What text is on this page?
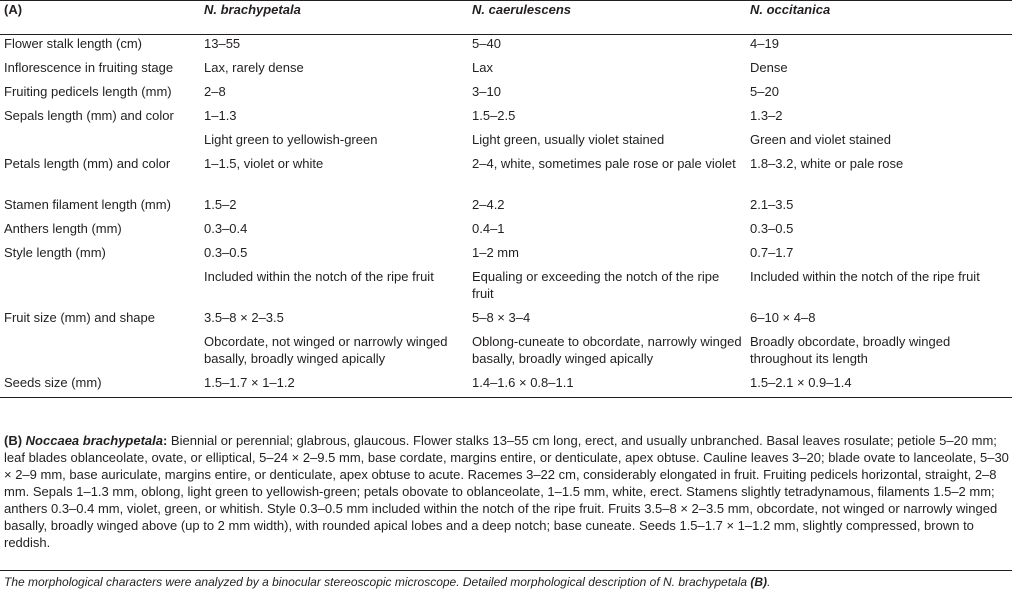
(A)	N. brachypetala	N. caerulescens	N. occitanica
Flower stalk length (cm)	13–55	5–40	4–19
Inflorescence in fruiting stage	Lax, rarely dense	Lax	Dense
Fruiting pedicels length (mm)	2–8	3–10	5–20
Sepals length (mm) and color	1–1.3	1.5–2.5	1.3–2
	Light green to yellowish-green	Light green, usually violet stained	Green and violet stained
Petals length (mm) and color	1–1.5, violet or white	2–4, white, sometimes pale rose or pale violet	1.8–3.2, white or pale rose
Stamen filament length (mm)	1.5–2	2–4.2	2.1–3.5
Anthers length (mm)	0.3–0.4	0.4–1	0.3–0.5
Style length (mm)	0.3–0.5	1–2 mm	0.7–1.7
	Included within the notch of the ripe fruit	Equaling or exceeding the notch of the ripe fruit	Included within the notch of the ripe fruit
Fruit size (mm) and shape	3.5–8 × 2–3.5	5–8 × 3–4	6–10 × 4–8
	Obcordate, not winged or narrowly winged basally, broadly winged apically	Oblong-cuneate to obcordate, narrowly winged basally, broadly winged apically	Broadly obcordate, broadly winged throughout its length
Seeds size (mm)	1.5–1.7 × 1–1.2	1.4–1.6 × 0.8–1.1	1.5–2.1 × 0.9–1.4
(B) Noccaea brachypetala: Biennial or perennial; glabrous, glaucous. Flower stalks 13–55 cm long, erect, and usually unbranched. Basal leaves rosulate; petiole 5–20 mm; leaf blades oblanceolate, ovate, or elliptical, 5–24 × 2–9.5 mm, base cordate, margins entire, or denticulate, apex obtuse. Cauline leaves 3–20; blade ovate to lanceolate, 5–30 × 2–9 mm, base auriculate, margins entire, or denticulate, apex obtuse to acute. Racemes 3–22 cm, considerably elongated in fruit. Fruiting pedicels horizontal, straight, 2–8 mm. Sepals 1–1.3 mm, oblong, light green to yellowish-green; petals obovate to oblanceolate, 1–1.5 mm, white, erect. Stamens slightly tetradynamous, filaments 1.5–2 mm; anthers 0.3–0.4 mm, violet, green, or whitish. Style 0.3–0.5 mm included within the notch of the ripe fruit. Fruits 3.5–8 × 2–3.5 mm, obcordate, not winged or narrowly winged basally, broadly winged above (up to 2 mm width), with rounded apical lobes and a deep notch; base cuneate. Seeds 1.5–1.7 × 1–1.2 mm, slightly compressed, brown to reddish.
The morphological characters were analyzed by a binocular stereoscopic microscope. Detailed morphological description of N. brachypetala (B).
